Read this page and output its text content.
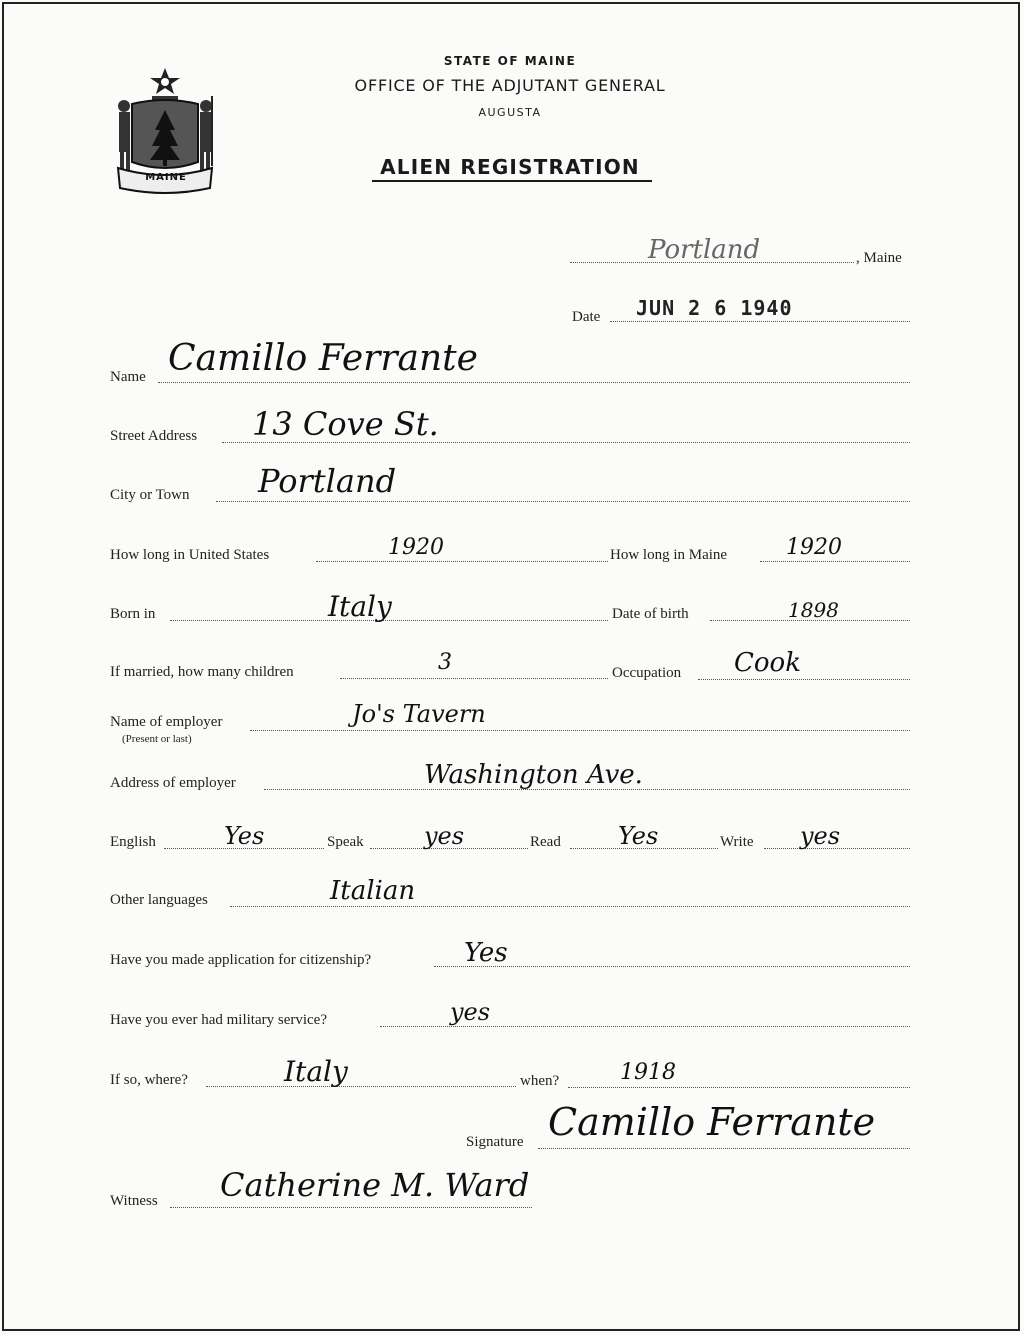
MAINE
STATE OF MAINE
OFFICE OF THE ADJUTANT GENERAL
AUGUSTA
ALIEN REGISTRATION
Portland	, Maine
Date JUN 2 6 1940
Name Camillo Ferrante
Street Address 13 Cove St.
City or Town Portland
How long in United States	1920	How long in Maine	1920
Born in	Italy	Date of birth	1898
If married, how many children	3	Occupation Cook
Name of employer
(Present or last)
Jo's Tavern
Address of employer	Washington Ave.
English	Yes	Speak	yes	Read Yes	Write yes
Other languages	Italian
Have you made application for citizenship?	Yes
Have you ever had military service?	yes
If so, where?	Italy	when?	1918
Signature Camillo Ferrante
Witness Catherine M. Ward
